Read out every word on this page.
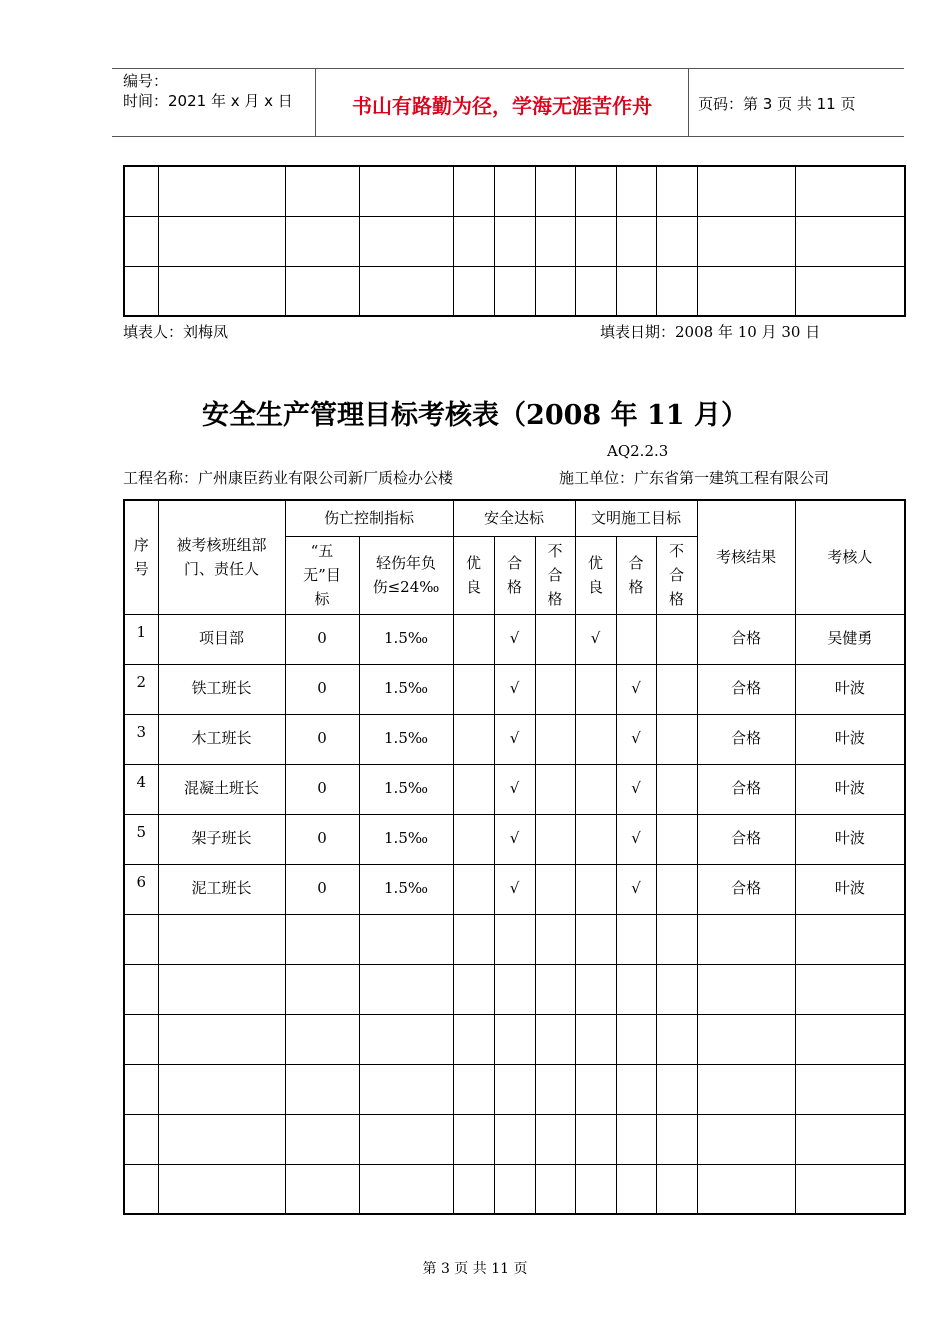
编号：
时间：2021 年 x 月 x 日	书山有路勤为径，学海无涯苦作舟	页码：第 3 页 共 11 页

填表人：刘梅凤	填表日期：2008 年 10 月 30 日
安全生产管理目标考核表（2008 年 11 月）
AQ2.2.3
工程名称：广州康臣药业有限公司新厂质检办公楼	施工单位：广东省第一建筑工程有限公司
序号	被考核班组部门、责任人	伤亡控制指标		安全达标			文明施工目标			考核结果	考核人

		“五无”目标	轻伤年负伤≤24‰	优良	合格	不合格	优良	合格	不合格		

1	项目部	0	1.5‰		√		√			合格	吴健勇
2	铁工班长	0	1.5‰		√			√		合格	叶波
3	木工班长	0	1.5‰		√			√		合格	叶波
4	混凝土班长	0	1.5‰		√			√		合格	叶波
5	架子班长	0	1.5‰		√			√		合格	叶波
6	泥工班长	0	1.5‰		√			√		合格	叶波

第 3 页 共 11 页
